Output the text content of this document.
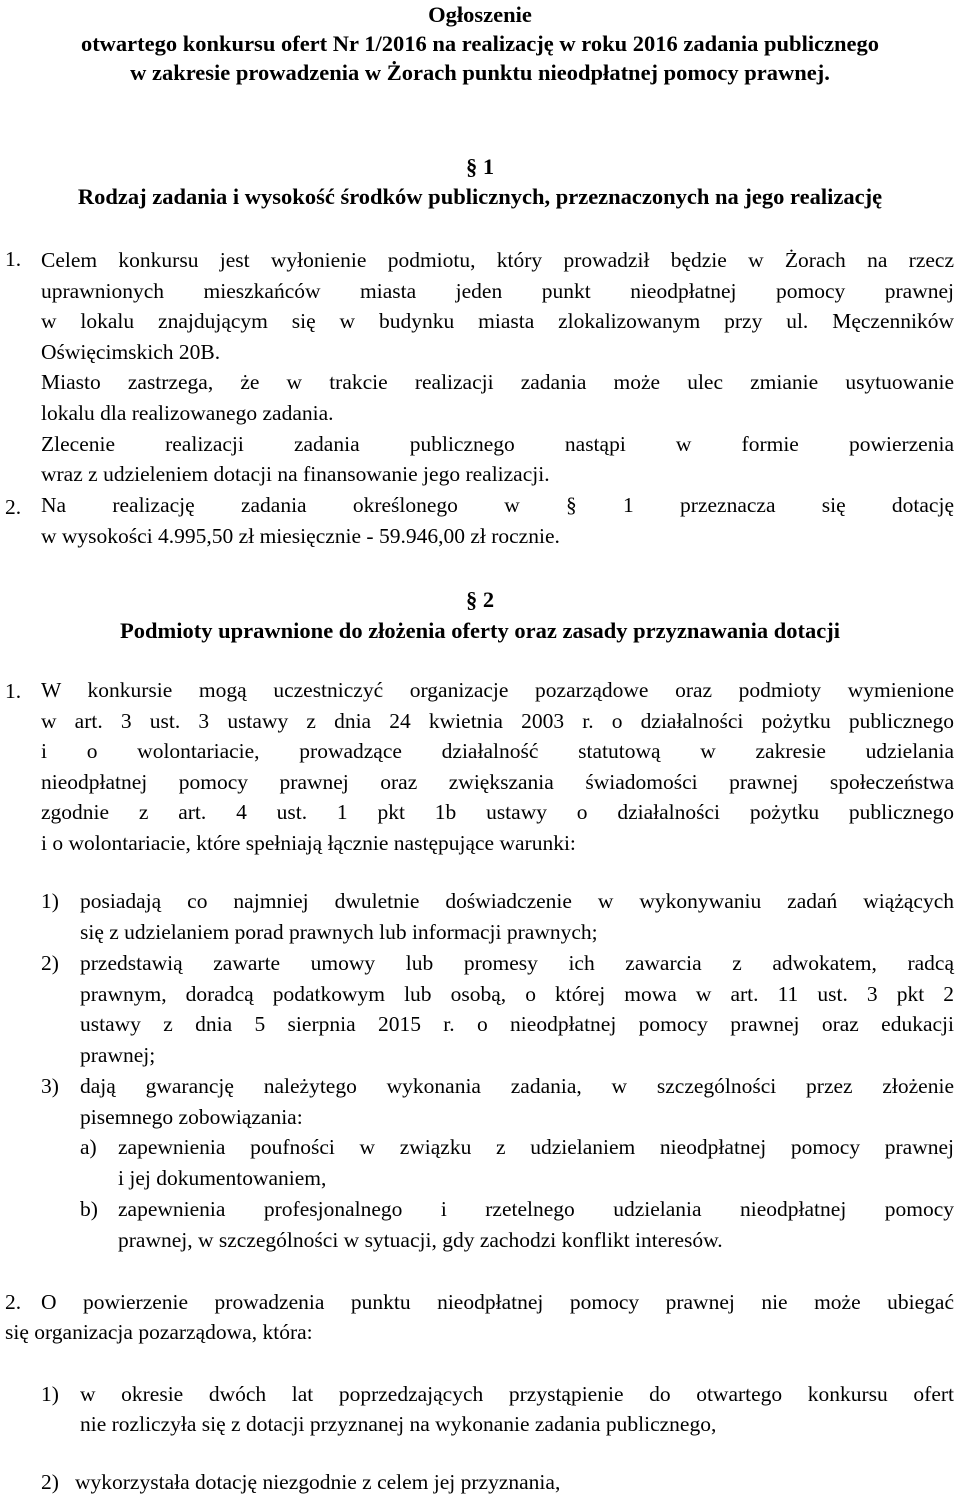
Ogłoszenie
otwartego konkursu ofert Nr 1/2016 na realizację w roku 2016 zadania publicznego
w zakresie prowadzenia w Żorach punktu nieodpłatnej pomocy prawnej.
§ 1
Rodzaj zadania i wysokość środków publicznych, przeznaczonych na jego realizację
1. Celem konkursu jest wyłonienie podmiotu, który prowadził będzie w Żorach na rzecz
uprawnionych mieszkańców miasta jeden punkt nieodpłatnej pomocy prawnej
w lokalu znajdującym się w budynku miasta zlokalizowanym przy ul. Męczenników
Oświęcimskich 20B.
Miasto zastrzega, że w trakcie realizacji zadania może ulec zmianie usytuowanie
lokalu dla realizowanego zadania.
Zlecenie realizacji zadania publicznego nastąpi w formie powierzenia
wraz z udzieleniem dotacji na finansowanie jego realizacji.
2. Na realizację zadania określonego w § 1 przeznacza się dotację
w wysokości 4.995,50 zł miesięcznie - 59.946,00 zł rocznie.
§ 2
Podmioty uprawnione do złożenia oferty oraz zasady przyznawania dotacji
1. W konkursie mogą uczestniczyć organizacje pozarządowe oraz podmioty wymienione
w art. 3 ust. 3 ustawy z dnia 24 kwietnia 2003 r. o działalności pożytku publicznego
i o wolontariacie, prowadzące działalność statutową w zakresie udzielania
nieodpłatnej pomocy prawnej oraz zwiększania świadomości prawnej społeczeństwa
zgodnie z art. 4 ust. 1 pkt 1b ustawy o działalności pożytku publicznego
i o wolontariacie, które spełniają łącznie następujące warunki:
1) posiadają co najmniej dwuletnie doświadczenie w wykonywaniu zadań wiążących
się z udzielaniem porad prawnych lub informacji prawnych;
2) przedstawią zawarte umowy lub promesy ich zawarcia z adwokatem, radcą
prawnym, doradcą podatkowym lub osobą, o której mowa w art. 11 ust. 3 pkt 2
ustawy z dnia 5 sierpnia 2015 r. o nieodpłatnej pomocy prawnej oraz edukacji
prawnej;
3) dają gwarancję należytego wykonania zadania, w szczególności przez złożenie
pisemnego zobowiązania:
a) zapewnienia poufności w związku z udzielaniem nieodpłatnej pomocy prawnej
i jej dokumentowaniem,
b) zapewnienia profesjonalnego i rzetelnego udzielania nieodpłatnej pomocy
prawnej, w szczególności w sytuacji, gdy zachodzi konflikt interesów.
2. O powierzenie prowadzenia punktu nieodpłatnej pomocy prawnej nie może ubiegać
się organizacja pozarządowa, która:
1) w okresie dwóch lat poprzedzających przystąpienie do otwartego konkursu ofert
nie rozliczyła się z dotacji przyznanej na wykonanie zadania publicznego,
2) wykorzystała dotację niezgodnie z celem jej przyznania,
